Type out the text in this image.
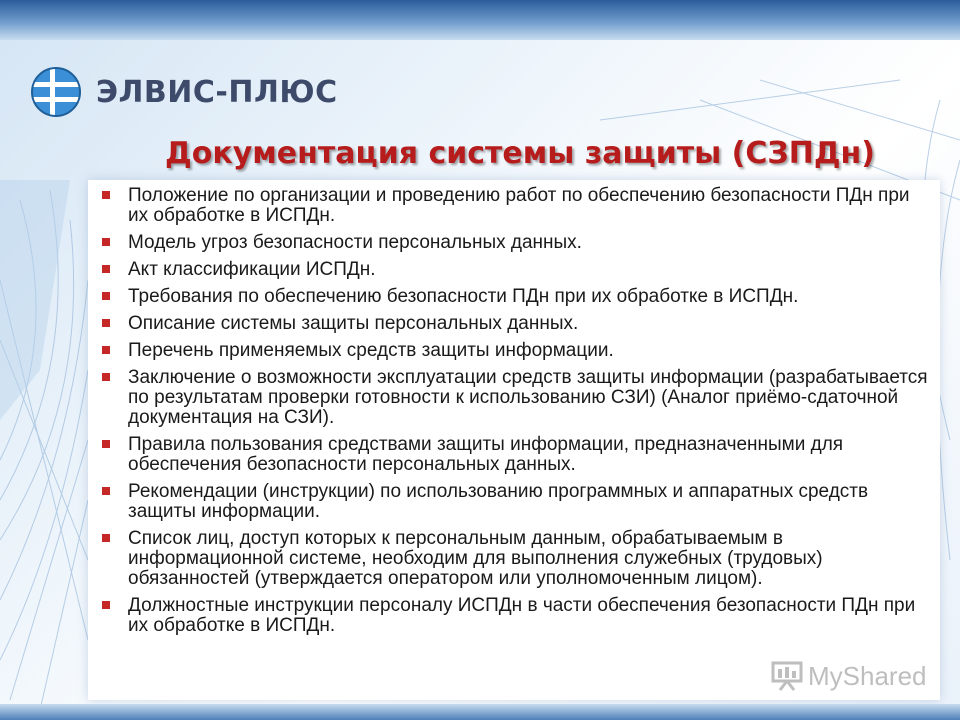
ЭЛВИС-ПЛЮС
Документация системы защиты (СЗПДн)
Положение по организации и проведению работ по обеспечению безопасности ПДн при их обработке в ИСПДн.
Модель угроз безопасности персональных данных.
Акт классификации ИСПДн.
Требования по обеспечению безопасности ПДн при их обработке в ИСПДн.
Описание системы защиты персональных данных.
Перечень применяемых средств защиты информации.
Заключение о возможности эксплуатации средств защиты информации (разрабатывается по результатам проверки готовности к использованию СЗИ) (Аналог приёмо-сдаточной документация на СЗИ).
Правила пользования средствами защиты информации, предназначенными для обеспечения безопасности персональных данных.
Рекомендации (инструкции) по использованию программных и аппаратных средств защиты информации.
Список лиц, доступ которых к персональным данным, обрабатываемым в информационной системе, необходим для выполнения служебных (трудовых) обязанностей (утверждается оператором или уполномоченным лицом).
Должностные инструкции персоналу ИСПДн в части обеспечения безопасности ПДн при их обработке в ИСПДн.
MyShared
